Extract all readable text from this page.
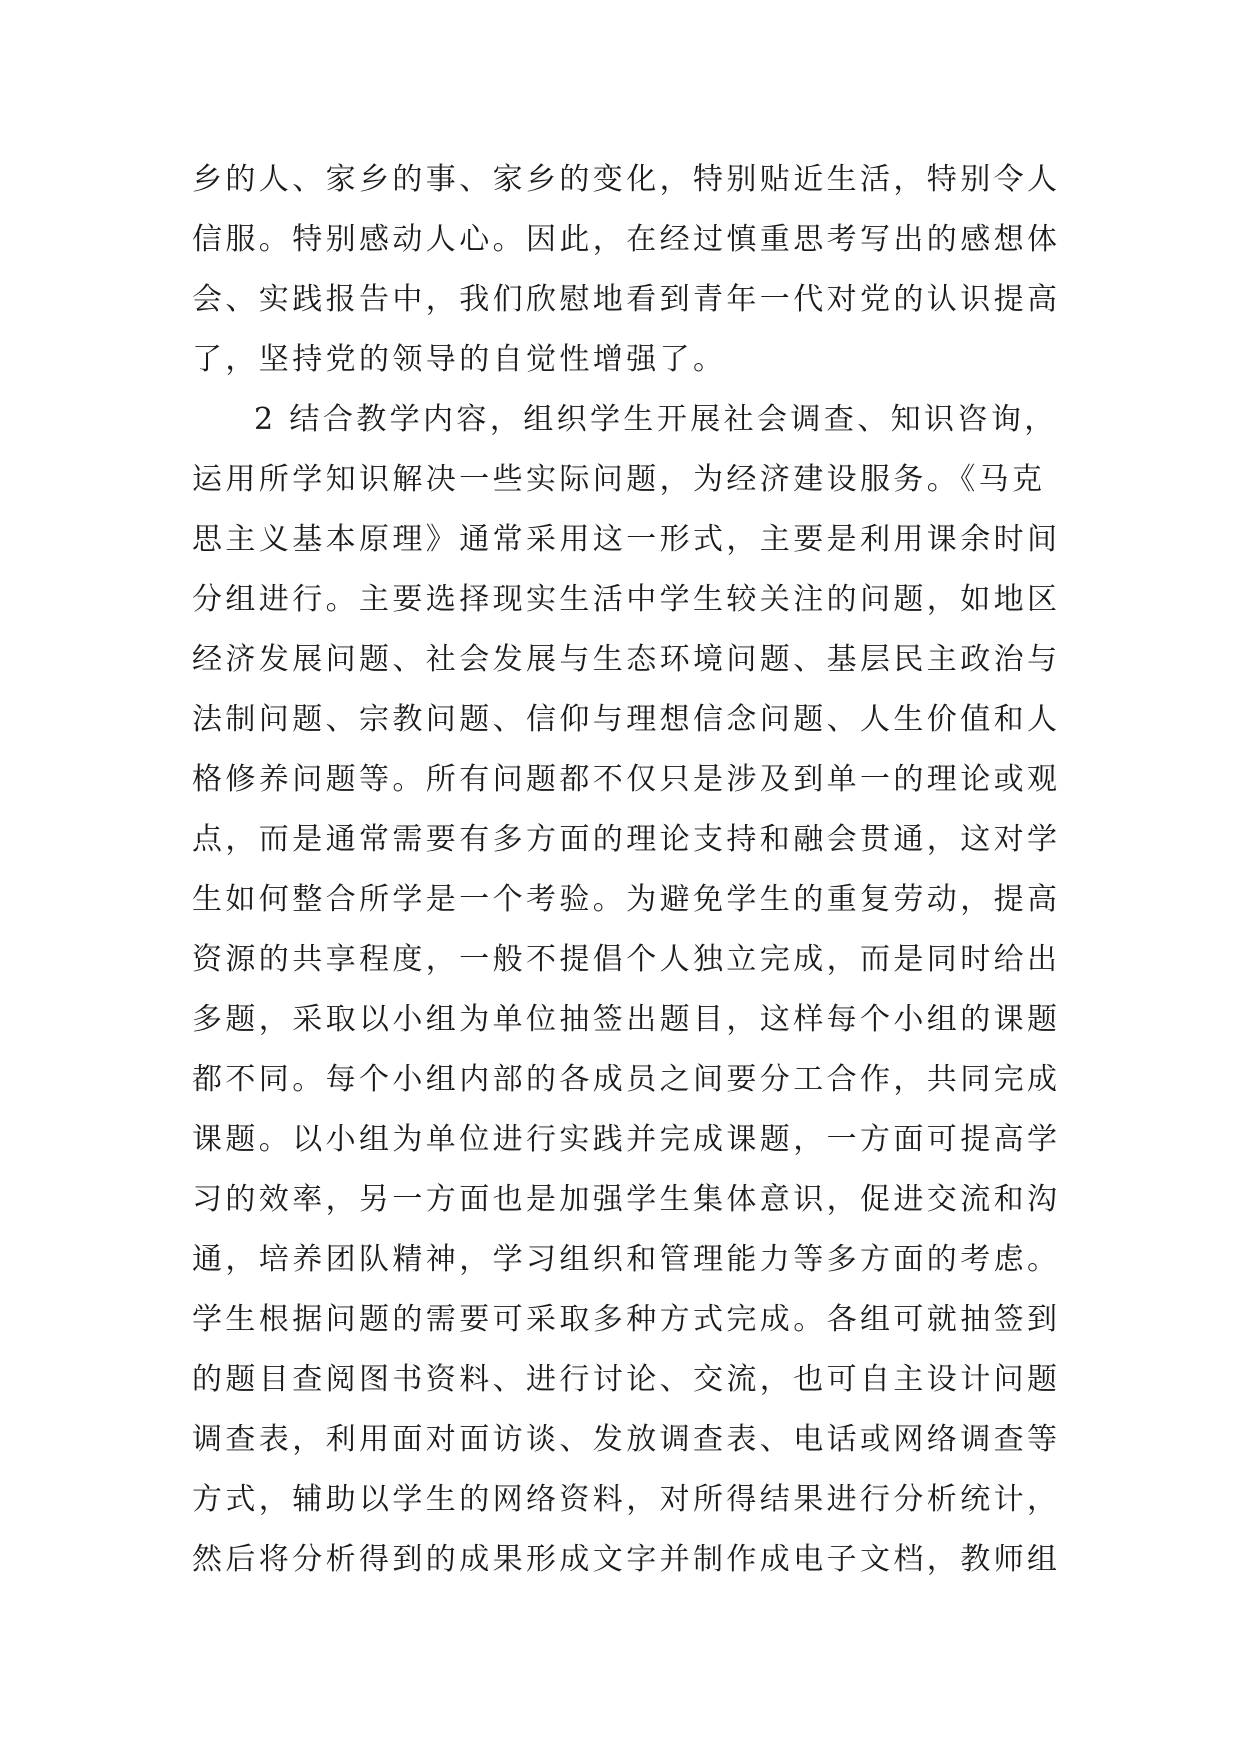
乡的人、家乡的事、家乡的变化，特别贴近生活，特别令人
信服。特别感动人心。因此，在经过慎重思考写出的感想体
会、实践报告中，我们欣慰地看到青年一代对党的认识提高
了，坚持党的领导的自觉性增强了。
2 结合教学内容，组织学生开展社会调查、知识咨询，
运用所学知识解决一些实际问题，为经济建设服务。《马克
思主义基本原理》通常采用这一形式，主要是利用课余时间
分组进行。主要选择现实生活中学生较关注的问题，如地区
经济发展问题、社会发展与生态环境问题、基层民主政治与
法制问题、宗教问题、信仰与理想信念问题、人生价值和人
格修养问题等。所有问题都不仅只是涉及到单一的理论或观
点，而是通常需要有多方面的理论支持和融会贯通，这对学
生如何整合所学是一个考验。为避免学生的重复劳动，提高
资源的共享程度，一般不提倡个人独立完成，而是同时给出
多题，采取以小组为单位抽签出题目，这样每个小组的课题
都不同。每个小组内部的各成员之间要分工合作，共同完成
课题。以小组为单位进行实践并完成课题，一方面可提高学
习的效率，另一方面也是加强学生集体意识，促进交流和沟
通，培养团队精神，学习组织和管理能力等多方面的考虑。
学生根据问题的需要可采取多种方式完成。各组可就抽签到
的题目查阅图书资料、进行讨论、交流，也可自主设计问题
调查表，利用面对面访谈、发放调查表、电话或网络调查等
方式，辅助以学生的网络资料，对所得结果进行分析统计，
然后将分析得到的成果形成文字并制作成电子文档，教师组
